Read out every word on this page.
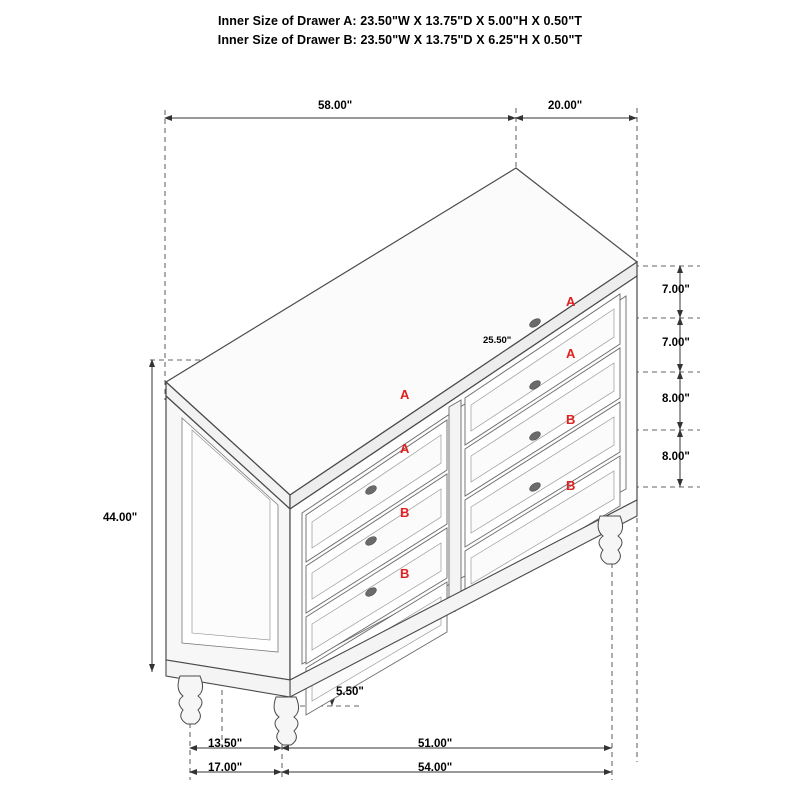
Inner Size of Drawer A: 23.50"W X 13.75"D X 5.00"H X 0.50"T
Inner Size of Drawer B: 23.50"W X 13.75"D X 6.25"H X 0.50"T
58.00"	20.00"
44.00"
7.00"
7.00"
8.00"
8.00"
25.50"
5.50"
13.50"	51.00"
17.00"	54.00"
A
A
B
B
A
A
B
B
